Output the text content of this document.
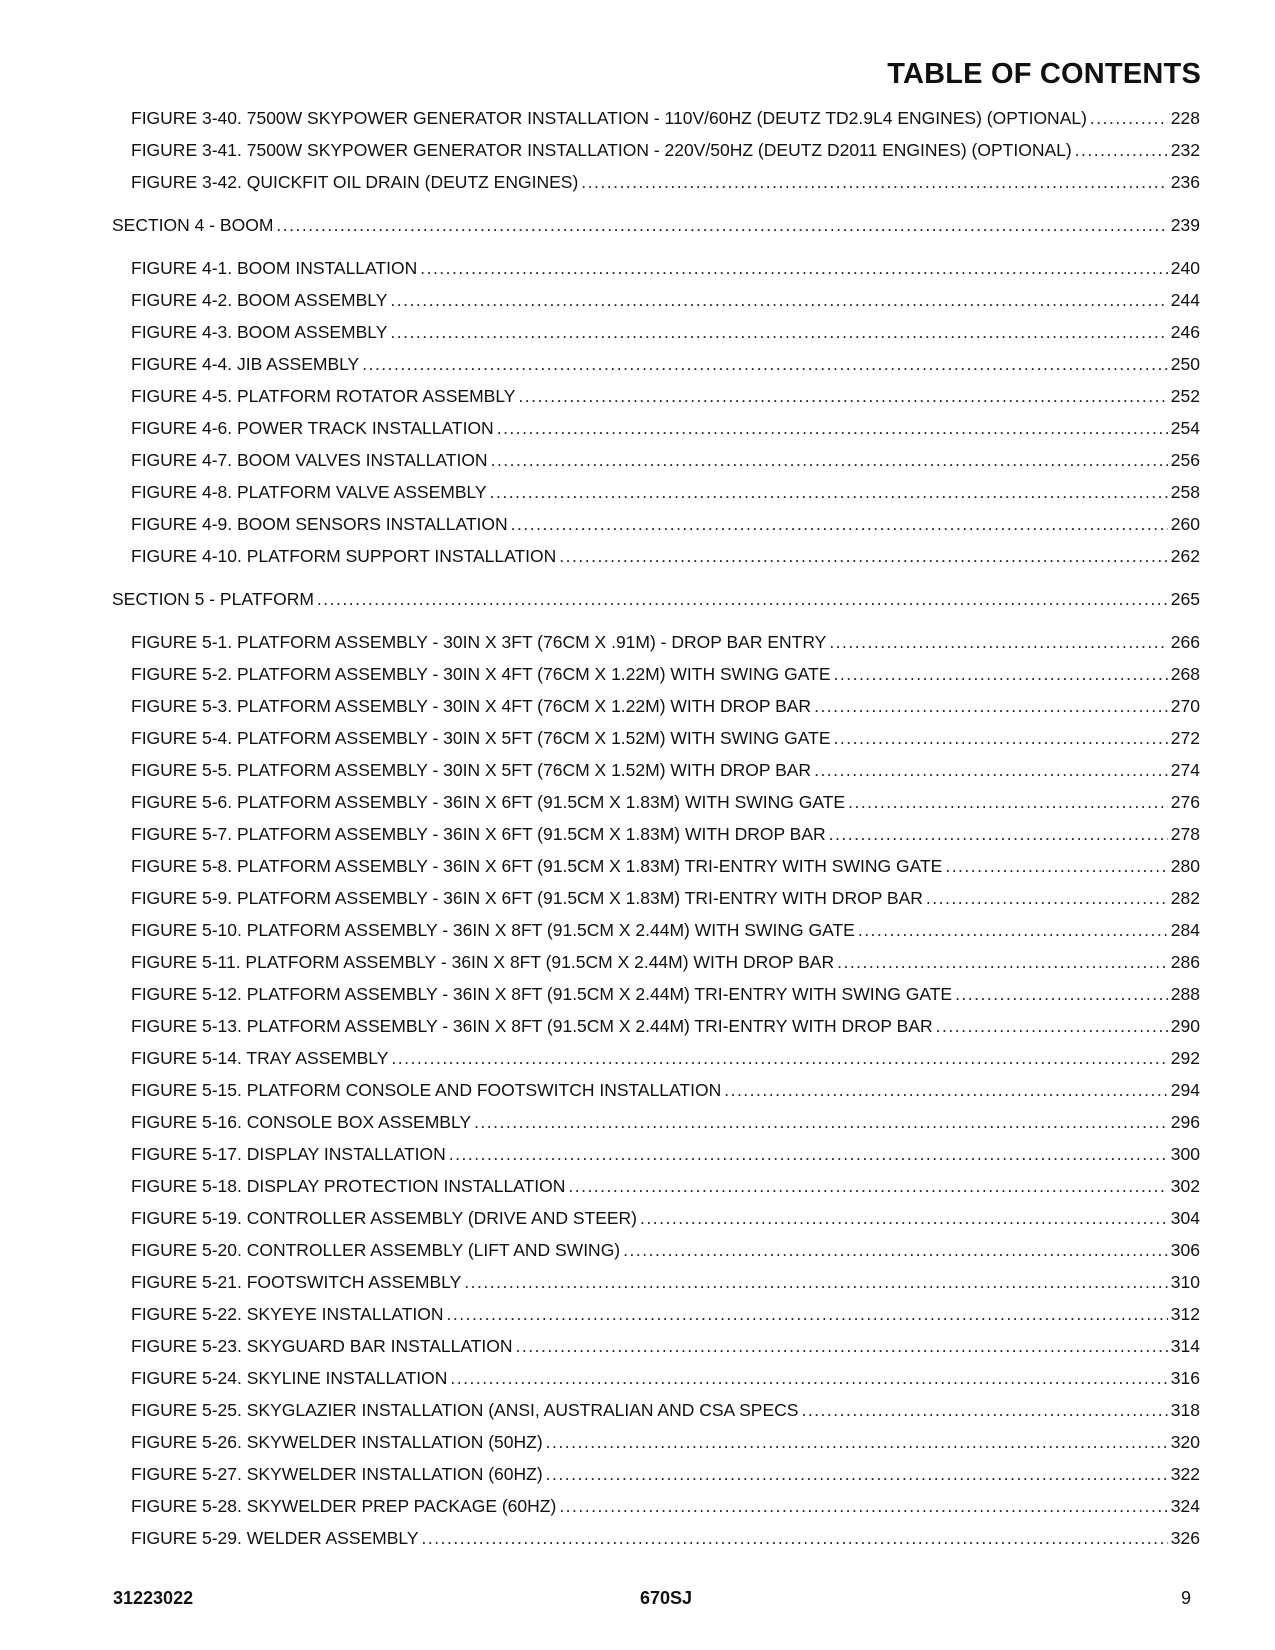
TABLE OF CONTENTS
FIGURE 3-40. 7500W SKYPOWER GENERATOR INSTALLATION - 110V/60HZ (DEUTZ TD2.9L4 ENGINES) (OPTIONAL) .....	228
FIGURE 3-41. 7500W SKYPOWER GENERATOR INSTALLATION - 220V/50HZ (DEUTZ D2011 ENGINES) (OPTIONAL) .....	232
FIGURE 3-42. QUICKFIT OIL DRAIN (DEUTZ ENGINES) .....	236
SECTION 4 - BOOM .....	239
FIGURE 4-1. BOOM INSTALLATION .....	240
FIGURE 4-2. BOOM ASSEMBLY .....	244
FIGURE 4-3. BOOM ASSEMBLY .....	246
FIGURE 4-4. JIB ASSEMBLY .....	250
FIGURE 4-5. PLATFORM ROTATOR ASSEMBLY .....	252
FIGURE 4-6. POWER TRACK INSTALLATION .....	254
FIGURE 4-7. BOOM VALVES INSTALLATION .....	256
FIGURE 4-8. PLATFORM VALVE ASSEMBLY .....	258
FIGURE 4-9. BOOM SENSORS INSTALLATION .....	260
FIGURE 4-10. PLATFORM SUPPORT INSTALLATION .....	262
SECTION 5 - PLATFORM .....	265
FIGURE 5-1. PLATFORM ASSEMBLY - 30IN X 3FT (76CM X .91M) - DROP BAR ENTRY .....	266
FIGURE 5-2. PLATFORM ASSEMBLY - 30IN X 4FT (76CM X 1.22M) WITH SWING GATE .....	268
FIGURE 5-3. PLATFORM ASSEMBLY - 30IN X 4FT (76CM X 1.22M) WITH DROP BAR .....	270
FIGURE 5-4. PLATFORM ASSEMBLY - 30IN X 5FT (76CM X 1.52M) WITH SWING GATE .....	272
FIGURE 5-5. PLATFORM ASSEMBLY - 30IN X 5FT (76CM X 1.52M) WITH DROP BAR .....	274
FIGURE 5-6. PLATFORM ASSEMBLY - 36IN X 6FT (91.5CM X 1.83M) WITH SWING GATE .....	276
FIGURE 5-7. PLATFORM ASSEMBLY - 36IN X 6FT (91.5CM X 1.83M) WITH DROP BAR .....	278
FIGURE 5-8. PLATFORM ASSEMBLY - 36IN X 6FT (91.5CM X 1.83M) TRI-ENTRY WITH SWING GATE .....	280
FIGURE 5-9. PLATFORM ASSEMBLY - 36IN X 6FT (91.5CM X 1.83M) TRI-ENTRY WITH DROP BAR .....	282
FIGURE 5-10. PLATFORM ASSEMBLY - 36IN X 8FT (91.5CM X 2.44M) WITH SWING GATE .....	284
FIGURE 5-11. PLATFORM ASSEMBLY - 36IN X 8FT (91.5CM X 2.44M) WITH DROP BAR .....	286
FIGURE 5-12. PLATFORM ASSEMBLY - 36IN X 8FT (91.5CM X 2.44M) TRI-ENTRY WITH SWING GATE .....	288
FIGURE 5-13. PLATFORM ASSEMBLY - 36IN X 8FT (91.5CM X 2.44M) TRI-ENTRY WITH DROP BAR .....	290
FIGURE 5-14. TRAY ASSEMBLY .....	292
FIGURE 5-15. PLATFORM CONSOLE AND FOOTSWITCH INSTALLATION .....	294
FIGURE 5-16. CONSOLE BOX ASSEMBLY .....	296
FIGURE 5-17. DISPLAY INSTALLATION .....	300
FIGURE 5-18. DISPLAY PROTECTION INSTALLATION .....	302
FIGURE 5-19. CONTROLLER ASSEMBLY (DRIVE AND STEER) .....	304
FIGURE 5-20. CONTROLLER ASSEMBLY (LIFT AND SWING) .....	306
FIGURE 5-21. FOOTSWITCH ASSEMBLY .....	310
FIGURE 5-22. SKYEYE INSTALLATION .....	312
FIGURE 5-23. SKYGUARD BAR INSTALLATION .....	314
FIGURE 5-24. SKYLINE INSTALLATION .....	316
FIGURE 5-25. SKYGLAZIER INSTALLATION (ANSI, AUSTRALIAN AND CSA SPECS .....	318
FIGURE 5-26. SKYWELDER INSTALLATION (50HZ) .....	320
FIGURE 5-27. SKYWELDER INSTALLATION (60HZ) .....	322
FIGURE 5-28. SKYWELDER PREP PACKAGE (60HZ) .....	324
FIGURE 5-29. WELDER ASSEMBLY .....	326
31223022	670SJ	9
